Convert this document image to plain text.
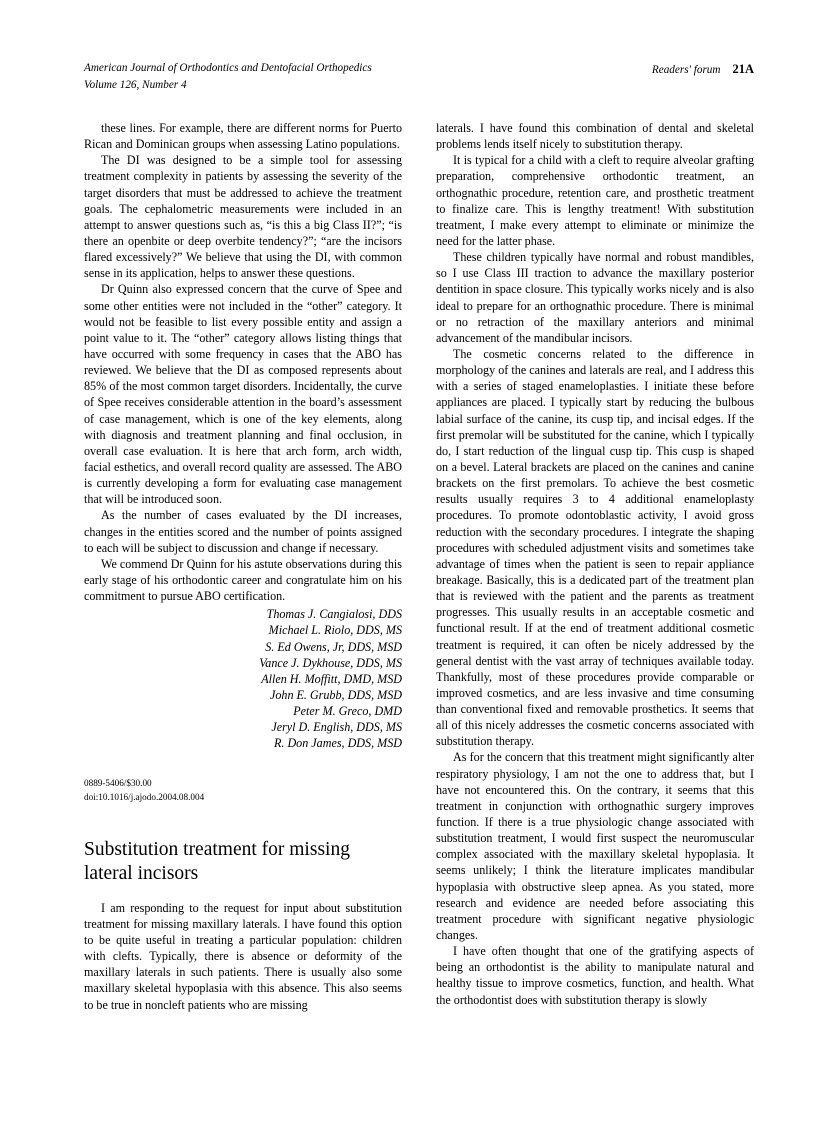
American Journal of Orthodontics and Dentofacial Orthopedics
Volume 126, Number 4
Readers' forum 21A

these lines. For example, there are different norms for Puerto Rican and Dominican groups when assessing Latino populations.

The DI was designed to be a simple tool for assessing treatment complexity in patients by assessing the severity of the target disorders that must be addressed to achieve the treatment goals. The cephalometric measurements were included in an attempt to answer questions such as, “is this a big Class II?”; “is there an openbite or deep overbite tendency?”; “are the incisors flared excessively?” We believe that using the DI, with common sense in its application, helps to answer these questions.

Dr Quinn also expressed concern that the curve of Spee and some other entities were not included in the “other” category. It would not be feasible to list every possible entity and assign a point value to it. The “other” category allows listing things that have occurred with some frequency in cases that the ABO has reviewed. We believe that the DI as composed represents about 85% of the most common target disorders. Incidentally, the curve of Spee receives considerable attention in the board’s assessment of case management, which is one of the key elements, along with diagnosis and treatment planning and final occlusion, in overall case evaluation. It is here that arch form, arch width, facial esthetics, and overall record quality are assessed. The ABO is currently developing a form for evaluating case management that will be introduced soon.

As the number of cases evaluated by the DI increases, changes in the entities scored and the number of points assigned to each will be subject to discussion and change if necessary.

We commend Dr Quinn for his astute observations during this early stage of his orthodontic career and congratulate him on his commitment to pursue ABO certification.

Thomas J. Cangialosi, DDS
Michael L. Riolo, DDS, MS
S. Ed Owens, Jr, DDS, MSD
Vance J. Dykhouse, DDS, MS
Allen H. Moffitt, DMD, MSD
John E. Grubb, DDS, MSD
Peter M. Greco, DMD
Jeryl D. English, DDS, MS
R. Don James, DDS, MSD
0889-5406/$30.00
doi:10.1016/j.ajodo.2004.08.004
Substitution treatment for missing lateral incisors

I am responding to the request for input about substitution treatment for missing maxillary laterals. I have found this option to be quite useful in treating a particular population: children with clefts. Typically, there is absence or deformity of the maxillary laterals in such patients. There is usually also some maxillary skeletal hypoplasia with this absence. This also seems to be true in noncleft patients who are missing

laterals. I have found this combination of dental and skeletal problems lends itself nicely to substitution therapy.

It is typical for a child with a cleft to require alveolar grafting preparation, comprehensive orthodontic treatment, an orthognathic procedure, retention care, and prosthetic treatment to finalize care. This is lengthy treatment! With substitution treatment, I make every attempt to eliminate or minimize the need for the latter phase.

These children typically have normal and robust mandibles, so I use Class III traction to advance the maxillary posterior dentition in space closure. This typically works nicely and is also ideal to prepare for an orthognathic procedure. There is minimal or no retraction of the maxillary anteriors and minimal advancement of the mandibular incisors.

The cosmetic concerns related to the difference in morphology of the canines and laterals are real, and I address this with a series of staged enameloplasties. I initiate these before appliances are placed. I typically start by reducing the bulbous labial surface of the canine, its cusp tip, and incisal edges. If the first premolar will be substituted for the canine, which I typically do, I start reduction of the lingual cusp tip. This cusp is shaped on a bevel. Lateral brackets are placed on the canines and canine brackets on the first premolars. To achieve the best cosmetic results usually requires 3 to 4 additional enameloplasty procedures. To promote odontoblastic activity, I avoid gross reduction with the secondary procedures. I integrate the shaping procedures with scheduled adjustment visits and sometimes take advantage of times when the patient is seen to repair appliance breakage. Basically, this is a dedicated part of the treatment plan that is reviewed with the patient and the parents as treatment progresses. This usually results in an acceptable cosmetic and functional result. If at the end of treatment additional cosmetic treatment is required, it can often be nicely addressed by the general dentist with the vast array of techniques available today. Thankfully, most of these procedures provide comparable or improved cosmetics, and are less invasive and time consuming than conventional fixed and removable prosthetics. It seems that all of this nicely addresses the cosmetic concerns associated with substitution therapy.

As for the concern that this treatment might significantly alter respiratory physiology, I am not the one to address that, but I have not encountered this. On the contrary, it seems that this treatment in conjunction with orthognathic surgery improves function. If there is a true physiologic change associated with substitution treatment, I would first suspect the neuromuscular complex associated with the maxillary skeletal hypoplasia. It seems unlikely; I think the literature implicates mandibular hypoplasia with obstructive sleep apnea. As you stated, more research and evidence are needed before associating this treatment procedure with significant negative physiologic changes.

I have often thought that one of the gratifying aspects of being an orthodontist is the ability to manipulate natural and healthy tissue to improve cosmetics, function, and health. What the orthodontist does with substitution therapy is slowly
